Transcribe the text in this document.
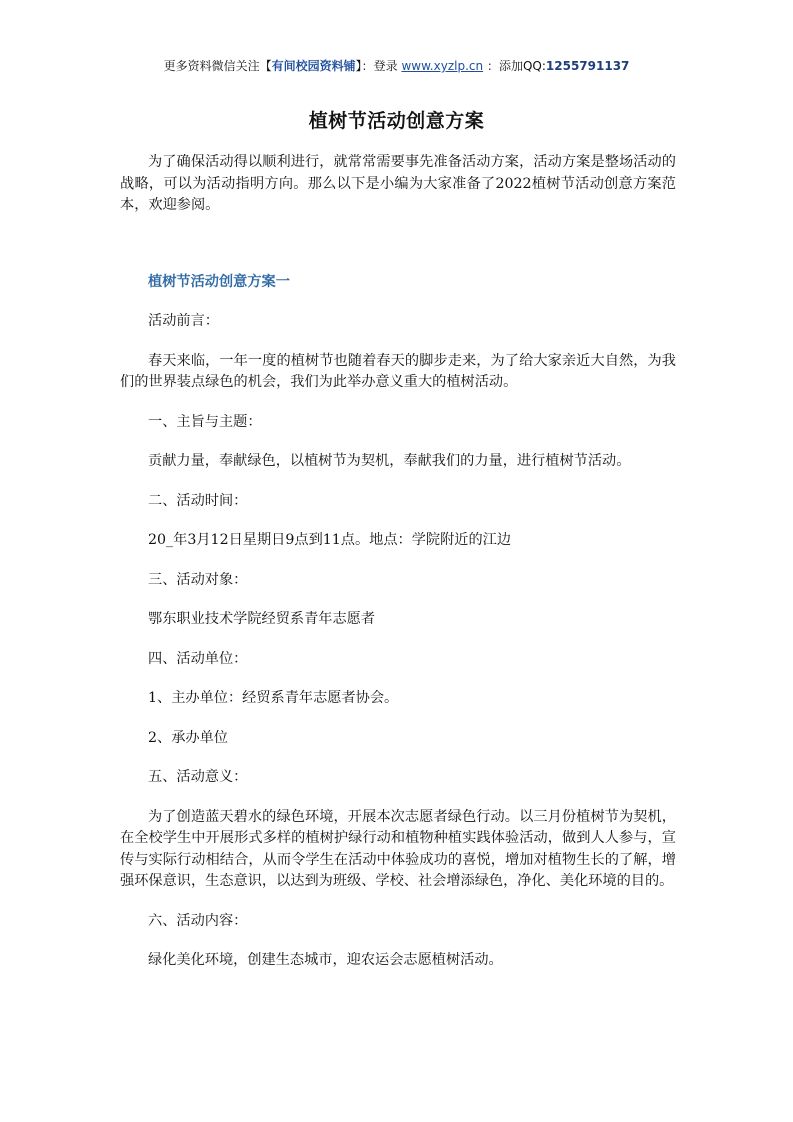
更多资料微信关注【有间校园资料铺】：登录 www.xyzlp.cn ：添加QQ:1255791137
植树节活动创意方案

为了确保活动得以顺利进行，就常常需要事先准备活动方案，活动方案是整场活动的战略，可以为活动指明方向。那么以下是小编为大家准备了2022植树节活动创意方案范本，欢迎参阅。

植树节活动创意方案一

活动前言：

春天来临，一年一度的植树节也随着春天的脚步走来，为了给大家亲近大自然，为我们的世界装点绿色的机会，我们为此举办意义重大的植树活动。

一、主旨与主题：

贡献力量，奉献绿色，以植树节为契机，奉献我们的力量，进行植树节活动。

二、活动时间：

20_年3月12日星期日9点到11点。地点：学院附近的江边

三、活动对象：

鄂东职业技术学院经贸系青年志愿者

四、活动单位：

1、主办单位：经贸系青年志愿者协会。

2、承办单位

五、活动意义：

为了创造蓝天碧水的绿色环境，开展本次志愿者绿色行动。以三月份植树节为契机，在全校学生中开展形式多样的植树护绿行动和植物种植实践体验活动，做到人人参与，宣传与实际行动相结合，从而令学生在活动中体验成功的喜悦，增加对植物生长的了解，增强环保意识，生态意识，以达到为班级、学校、社会增添绿色，净化、美化环境的目的。

六、活动内容：

绿化美化环境，创建生态城市，迎农运会志愿植树活动。
